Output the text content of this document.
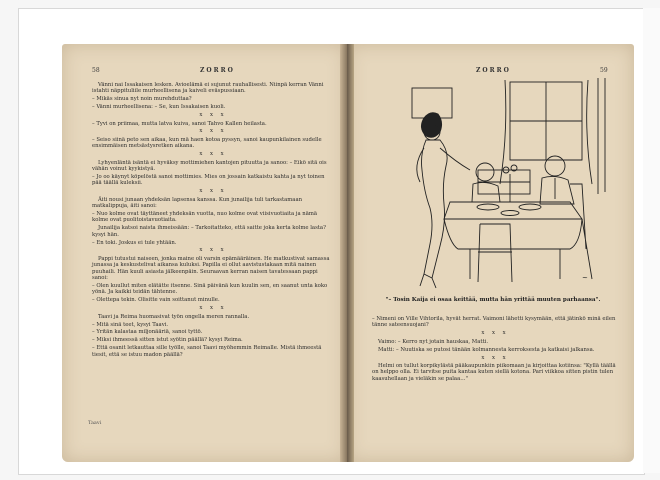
58	ZORRO

Vänni nai Issakaisen lesken. Avioelämä ei sujunut rauhallisesti. Niinpä kerran Vänni istahti näppituliile murheellisena ja kaiveli eväspussiaan.

– Mikäs sinua nyt noin murehduttaa?

– Vänni murheellisena: – Se, kun Issakaisen kuoli.

x x x

– Tyvi on priimaa, mutta latva kuiva, sanoi Tahvo Kallen heilasta.

x x x

– Seiso siinä peto sen aikaa, kun mä haen kotoa pyssyn, sanoi kaupunkilainen sudelle ensimmäisen metsästysretken aikana.

x x x

Lyhyenläntä isäntä ei hyväksy mottimiehen kantojen pituutta ja sanoo: – Eikö sitä ois vähän voinut kyykistyä.

– Jo oo käynyt köpelöstä sanoi mottimies. Mies on jossain katkaistu kahta ja nyt toinen pää täällä kuleksii.

x x x

Äiti nousi junaan yhdeksän lapsensa kanssa. Kun junailija tuli tarkastamaan matkalippuja, äiti sanoi:

– Nuo kolme ovat täyttäneet yhdeksän vuotta, nuo kolme ovat viisivuotiaita ja nämä kolme ovat puolitoistavuotiaita.

Junailija katsoi naista ihmeissään: – Tarkoitatteko, että saitte joka kerta kolme lasta? kysyi hän.

– En toki. Joskus ei tule yhtään.

x x x

Pappi tutustui naiseen, jonka maine oli varsin epämääräinen. He matkustivat samassa junassa ja keskustelivat aikansa kuluksi. Papilla ei ollut aavistustakaan mitä nainen puuhaili. Hän kuuli asiasta jälkeenpäin. Seuraavan kerran naisen tavatessaan pappi sanoi:

– Olen kuullut miten elätätte itsenne. Sinä päivänä kun kuulin sen, en saanut unta koko yönä. Ja kaikki teidän tähtenne.

– Olettepa tekin. Olisitte vain soittanut minulle.

x x x

Taavi ja Reima huomasivat työn ongella meren rannalla.

– Mitä sinä teet, kysyi Taavi.

– Yritän kalastaa miljonääriä, sanoi tyttö.

– Miksi ihmeessä sitten istut syötin päällä? kysyi Reima.

– Että osanit letkauttaa sille työlle, sanoi Taavi myöhemmin Reimalle. Mistä ihmeestä tiesit, että se istuu madon päällä?

Taavi
ZORRO	59
~
"– Tosin Kaija ei osaa keittää, mutta hän yrittää muuten parhaansa".

– Nimeni on Ville Vihtorila, hyvät herrat. Vaimoni lähetti kysymään, että jätinkö minä eilen tänne sateensuojani?

x x x

Vaimo: – Kerro nyt jotain hauskaa, Matti.

Matti: – Nuutiska se putosi tänään kolmannesta kerroksesta ja katkaisi jalkansa.

x x x

Helmi on tullut korpikylästä pääkaupunkiin piikomaan ja kirjoittaa kotiinsa: "Kyllä täällä on helppo olla. Ei tarvitse puita kantaa kuten siellä kotona. Pari viikkoa sitten pistin tulen kaasuhellaan ja vieläkin se palaa…"
